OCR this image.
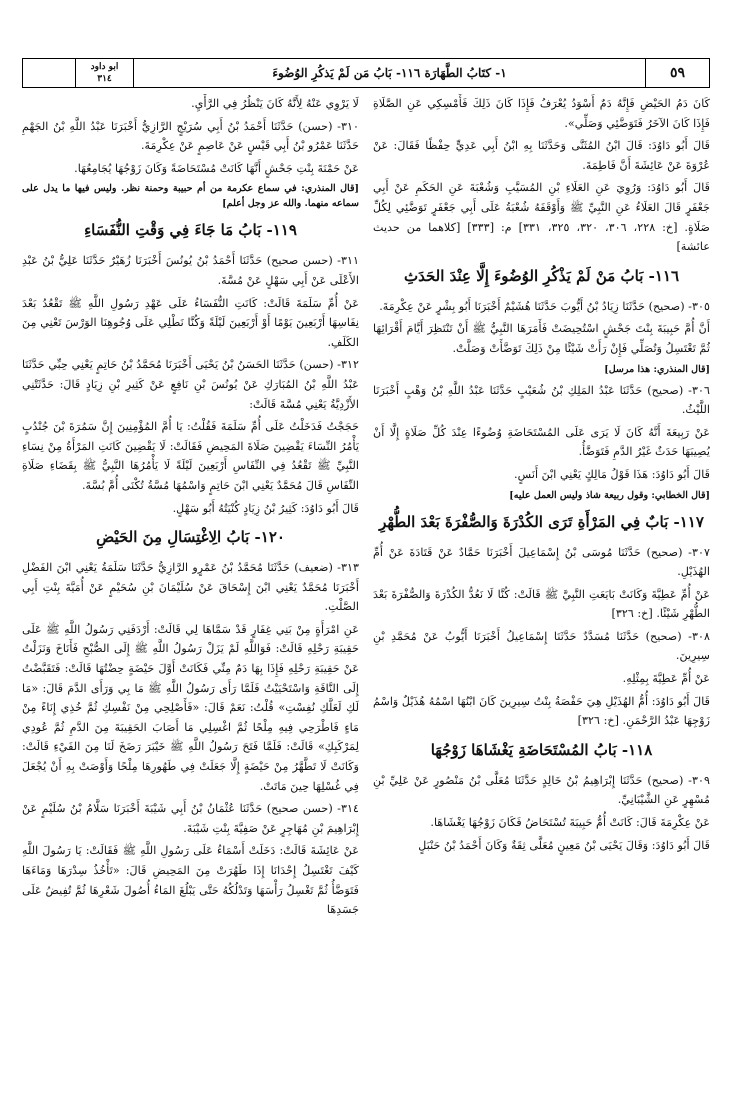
٥٩
١- كتَابُ الطَّهَارَة ١١٦- بَابُ مَن لَمْ يَذكُرِ الوُضُوءَ
ابو داود
٣١٤

كَانَ دَمُ الحَيْضِ فَإِنَّهُ دَمٌ أَسْوَدُ يُعْرَفُ فَإِذَا كَانَ ذَلِكَ فَأَمْسِكِي عَنِ الصَّلَاةِ فَإِذَا كَانَ الآخَرُ فَتَوَضَّئِي وَصَلِّي».

قَالَ أَبُو دَاوُدَ: قَالَ ابْنُ المُثَنَّى وَحَدَّثَنَا بِهِ ابْنُ أَبِي عَدِيٍّ حِفْظًا فَقَالَ: عَنْ عُرْوَةَ عَنْ عَائِشَةَ أَنَّ فَاطِمَةَ.

قَالَ أَبُو دَاوُدَ: وَرُوِيَ عَنِ العَلَاءِ بْنِ المُسَيَّبِ وَشُعْبَةَ عَنِ الحَكَمِ عَنْ أَبِي جَعْفَرٍ قَالَ العَلَاءُ عَنِ النَّبِيِّ ﷺ وَأَوْقَفَهُ شُعْبَةُ عَلَى أَبِي جَعْفَرٍ تَوَضَّئِي لِكُلِّ صَلَاةٍ. [خ: ٢٢٨، ٣٠٦، ٣٢٠، ٣٢٥، ٣٣١] م: [٣٣٣] [كلاهما من حديث عائشة]

١١٦- بَابُ مَنْ لَمْ يَذْكُرِ الوُضُوءَ إِلَّا عِنْدَ الحَدَثِ

٣٠٥- (صحيح) حَدَّثَنَا زِيَادُ بْنُ أَيُّوبَ حَدَّثَنَا هُشَيْمٌ أَخْبَرَنَا أَبُو بِشْرٍ عَنْ عِكْرِمَةَ.

أَنَّ أُمَّ حَبِيبَةَ بِنْتَ جَحْشٍ اسْتُحِيضَتْ فَأَمَرَهَا النَّبِيُّ ﷺ أَنْ تَنْتَظِرَ أَيَّامَ أَقْرَائِهَا ثُمَّ تَغْتَسِلُ وَتُصَلِّي فَإِنْ رَأَتْ شَيْئًا مِنْ ذَلِكَ تَوَضَّأَتْ وَصَلَّتْ.

[قال المنذري: هذا مرسل]

٣٠٦- (صحيح) حَدَّثَنَا عَبْدُ المَلِكِ بْنُ شُعَيْبٍ حَدَّثَنَا عَبْدُ اللَّهِ بْنُ وَهْبٍ أَخْبَرَنَا اللَّيْثُ.

عَنْ رَبِيعَةَ أَنَّهُ كَانَ لَا يَرَى عَلَى المُسْتَحَاضَةِ وُضُوءًا عِنْدَ كُلِّ صَلَاةٍ إِلَّا أَنْ يُصِيبَهَا حَدَثٌ غَيْرُ الدَّمِ فَتَوَضَّأُ.

قَالَ أَبُو دَاوُدَ: هَذَا قَوْلُ مَالِكٍ يَعْنِي ابْنَ أَنَسٍ.

[قال الخطابي: وقول ربيعة شاذ وليس العمل عليه]

١١٧- بَابٌ فِي المَرْأَةِ تَرَى الكُدْرَةَ وَالصُّفْرَةَ بَعْدَ الطُّهْرِ

٣٠٧- (صحيح) حَدَّثَنَا مُوسَى بْنُ إِسْمَاعِيلَ أَخْبَرَنَا حَمَّادٌ عَنْ قَتَادَةَ عَنْ أُمِّ الهُذَيْلِ.

عَنْ أُمِّ عَطِيَّةَ وَكَانَتْ بَايَعَتِ النَّبِيَّ ﷺ قَالَتْ: كُنَّا لَا نَعُدُّ الكُدْرَةَ وَالصُّفْرَةَ بَعْدَ الطُّهْرِ شَيْئًا. [خ: ٣٢٦]

٣٠٨- (صحيح) حَدَّثَنَا مُسَدَّدٌ حَدَّثَنَا إِسْمَاعِيلُ أَخْبَرَنَا أَيُّوبُ عَنْ مُحَمَّدِ بْنِ سِيرِينَ.

عَنْ أُمِّ عَطِيَّةَ بِمِثْلِهِ.

قَالَ أَبُو دَاوُدَ: أُمُّ الهُذَيْلِ هِيَ حَفْصَةُ بِنْتُ سِيرِينَ كَانَ ابْنُهَا اسْمُهُ هُذَيْلٌ وَاسْمُ زَوْجِهَا عَبْدُ الرَّحْمَنِ. [خ: ٣٢٦]

١١٨- بَابُ المُسْتَحَاضَةِ يَغْشَاهَا زَوْجُهَا

٣٠٩- (صحيح) حَدَّثَنَا إِبْرَاهِيمُ بْنُ خَالِدٍ حَدَّثَنَا مُعَلَّى بْنُ مَنْصُورٍ عَنْ عَلِيِّ بْنِ مُسْهِرٍ عَنِ الشَّيْبَانِيِّ.

عَنْ عِكْرِمَةَ قَالَ: كَانَتْ أُمُّ حَبِيبَةَ تُسْتَحَاضُ فَكَانَ زَوْجُهَا يَغْشَاهَا.

قَالَ أَبُو دَاوُدَ: وَقَالَ يَحْيَى بْنُ مَعِينٍ مُعَلَّى ثِقَةٌ وَكَانَ أَحْمَدُ بْنُ حَنْبَلٍ

لَا يَرْوِي عَنْهُ لِأَنَّهُ كَانَ يَنْظُرُ فِي الرَّأْيِ.

٣١٠- (حسن) حَدَّثَنَا أَحْمَدُ بْنُ أَبِي سُرَيْجٍ الرَّازِيُّ أَخْبَرَنَا عَبْدُ اللَّهِ بْنُ الجَهْمِ حَدَّثَنَا عَمْرُو بْنُ أَبِي قَيْسٍ عَنْ عَاصِمٍ عَنْ عِكْرِمَةَ.

عَنْ حَمْنَةَ بِنْتِ جَحْشٍ أَنَّهَا كَانَتْ مُسْتَحَاضَةً وَكَانَ زَوْجُهَا يُجَامِعُهَا.

[قال المنذري: في سماع عكرمة من أم حبيبة وحمنة نظر. وليس فيها ما يدل على سماعه منهما. والله عز وجل أعلم]

١١٩- بَابُ مَا جَاءَ فِي وَقْتِ النُّفَسَاءِ

٣١١- (حسن صحيح) حَدَّثَنَا أَحْمَدُ بْنُ يُونُسَ أَخْبَرَنَا زُهَيْرٌ حَدَّثَنَا عَلِيُّ بْنُ عَبْدِ الأَعْلَى عَنْ أَبِي سَهْلٍ عَنْ مُسَّةَ.

عَنْ أُمِّ سَلَمَةَ قَالَتْ: كَانَتِ النُّفَسَاءُ عَلَى عَهْدِ رَسُولِ اللَّهِ ﷺ تَقْعُدُ بَعْدَ نِفَاسِهَا أَرْبَعِينَ يَوْمًا أَوْ أَرْبَعِينَ لَيْلَةً وَكُنَّا نَطْلِي عَلَى وُجُوهِنَا الوَرْسَ تَعْنِي مِنَ الكَلَفِ.

٣١٢- (حسن) حَدَّثَنَا الحَسَنُ بْنُ يَحْيَى أَخْبَرَنَا مُحَمَّدُ بْنُ حَاتِمٍ يَعْنِي حِبِّي حَدَّثَنَا عَبْدُ اللَّهِ بْنُ المُبَارَكِ عَنْ يُونُسَ بْنِ نَافِعٍ عَنْ كَثِيرِ بْنِ زِيَادٍ قَالَ: حَدَّثَتْنِي الأَزْدِيَّةُ يَعْنِي مُسَّةَ قَالَتْ:

حَجَجْتُ فَدَخَلْتُ عَلَى أُمِّ سَلَمَةَ فَقُلْتُ: يَا أُمَّ المُؤْمِنِينَ إِنَّ سَمُرَةَ بْنَ جُنْدُبٍ يَأْمُرُ النِّسَاءَ يَقْضِينَ صَلَاةَ المَحِيضِ فَقَالَتْ: لَا يَقْضِينَ كَانَتِ المَرْأَةُ مِنْ نِسَاءِ النَّبِيِّ ﷺ تَقْعُدُ فِي النِّفَاسِ أَرْبَعِينَ لَيْلَةً لَا يَأْمُرُهَا النَّبِيُّ ﷺ بِقَضَاءِ صَلَاةِ النِّفَاسِ قَالَ مُحَمَّدٌ يَعْنِي ابْنَ حَاتِمٍ وَاسْمُهَا مُسَّةُ تُكْنَى أُمَّ بُسَّةَ.

قَالَ أَبُو دَاوُدَ: كَثِيرُ بْنُ زِيَادٍ كُنْيَتُهُ أَبُو سَهْلٍ.

١٢٠- بَابُ الِاغْتِسَالِ مِنَ الحَيْضِ

٣١٣- (ضعيف) حَدَّثَنَا مُحَمَّدُ بْنُ عَمْرٍو الرَّازِيُّ حَدَّثَنَا سَلَمَةُ يَعْنِي ابْنَ الفَضْلِ أَخْبَرَنَا مُحَمَّدٌ يَعْنِي ابْنَ إِسْحَاقَ عَنْ سُلَيْمَانَ بْنِ سُحَيْمٍ عَنْ أُمَيَّةَ بِنْتِ أَبِي الصَّلْتِ.

عَنِ امْرَأَةٍ مِنْ بَنِي غِفَارٍ قَدْ سَمَّاهَا لِي قَالَتْ: أَرْدَفَنِي رَسُولُ اللَّهِ ﷺ عَلَى حَقِيبَةِ رَحْلِهِ قَالَتْ: فَوَاللَّهِ لَمْ يَزَلْ رَسُولُ اللَّهِ ﷺ إِلَى الصُّبْحِ فَأَنَاخَ وَنَزَلْتُ عَنْ حَقِيبَةِ رَحْلِهِ فَإِذَا بِهَا دَمٌ مِنِّي فَكَانَتْ أَوَّلَ حَيْضَةٍ حِضْتُهَا قَالَتْ: فَتَقَبَّضْتُ إِلَى النَّاقَةِ وَاسْتَحْيَيْتُ فَلَمَّا رَأَى رَسُولُ اللَّهِ ﷺ مَا بِي وَرَأَى الدَّمَ قَالَ: «مَا لَكِ لَعَلَّكِ نُفِسْتِ» قُلْتُ: نَعَمْ قَالَ: «فَأَصْلِحِي مِنْ نَفْسِكِ ثُمَّ خُذِي إِنَاءً مِنْ مَاءٍ فَاطْرَحِي فِيهِ مِلْحًا ثُمَّ اغْسِلِي مَا أَصَابَ الحَقِيبَةَ مِنَ الدَّمِ ثُمَّ عُودِي لِمَرْكَبِكِ» قَالَتْ: فَلَمَّا فَتَحَ رَسُولُ اللَّهِ ﷺ خَيْبَرَ رَضَخَ لَنَا مِنَ الفَيْءِ قَالَتْ: وَكَانَتْ لَا تَطَّهَّرُ مِنْ حَيْضَةٍ إِلَّا جَعَلَتْ فِي طَهُورِهَا مِلْحًا وَأَوْصَتْ بِهِ أَنْ يُجْعَلَ فِي غُسْلِهَا حِينَ مَاتَتْ.

٣١٤- (حسن صحيح) حَدَّثَنَا عُثْمَانُ بْنُ أَبِي شَيْبَةَ أَخْبَرَنَا سَلَّامُ بْنُ سُلَيْمٍ عَنْ إِبْرَاهِيمَ بْنِ مُهَاجِرٍ عَنْ صَفِيَّةَ بِنْتِ شَيْبَةَ.

عَنْ عَائِشَةَ قَالَتْ: دَخَلَتْ أَسْمَاءُ عَلَى رَسُولِ اللَّهِ ﷺ فَقَالَتْ: يَا رَسُولَ اللَّهِ كَيْفَ تَغْتَسِلُ إِحْدَانَا إِذَا طَهُرَتْ مِنَ المَحِيضِ قَالَ: «تَأْخُذُ سِدْرَهَا وَمَاءَهَا فَتَوَضَّأُ ثُمَّ تَغْسِلُ رَأْسَهَا وَتَدْلُكُهُ حَتَّى يَبْلُغَ المَاءُ أُصُولَ شَعْرِهَا ثُمَّ تُفِيضُ عَلَى جَسَدِهَا
